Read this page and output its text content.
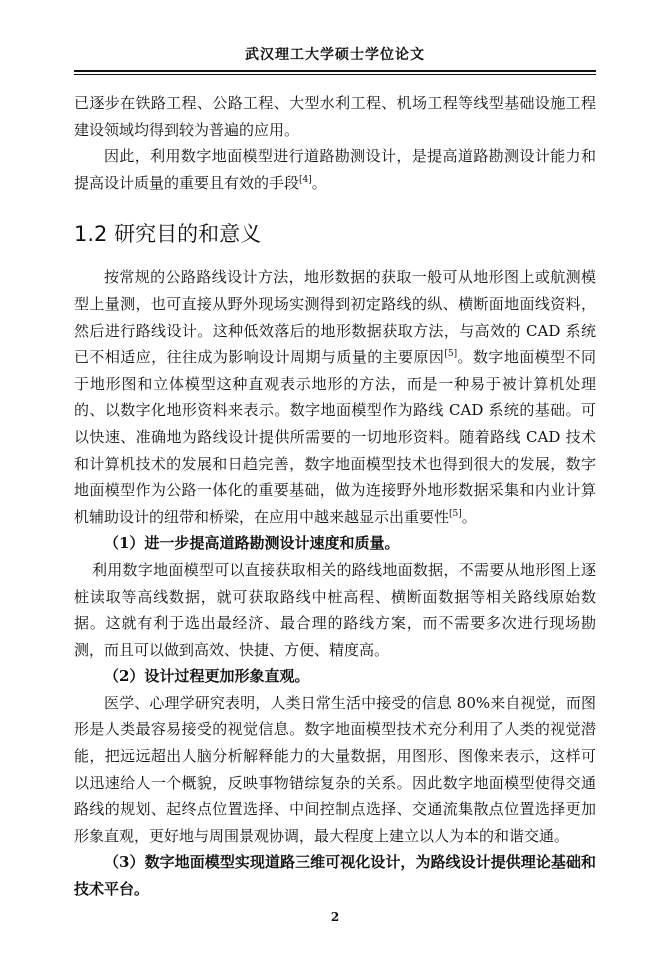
武汉理工大学硕士学位论文

已逐步在铁路工程、公路工程、大型水利工程、机场工程等线型基础设施工程建设领域均得到较为普遍的应用。

因此，利用数字地面模型进行道路勘测设计，是提高道路勘测设计能力和提高设计质量的重要且有效的手段[4]。

1.2 研究目的和意义

按常规的公路路线设计方法，地形数据的获取一般可从地形图上或航测模型上量测，也可直接从野外现场实测得到初定路线的纵、横断面地面线资料，然后进行路线设计。这种低效落后的地形数据获取方法，与高效的 CAD 系统已不相适应，往往成为影响设计周期与质量的主要原因[5]。数字地面模型不同于地形图和立体模型这种直观表示地形的方法，而是一种易于被计算机处理的、以数字化地形资料来表示。数字地面模型作为路线 CAD 系统的基础。可以快速、准确地为路线设计提供所需要的一切地形资料。随着路线 CAD 技术和计算机技术的发展和日趋完善，数字地面模型技术也得到很大的发展，数字地面模型作为公路一体化的重要基础，做为连接野外地形数据采集和内业计算机辅助设计的纽带和桥梁，在应用中越来越显示出重要性[5]。

（1）进一步提高道路勘测设计速度和质量。

利用数字地面模型可以直接获取相关的路线地面数据，不需要从地形图上逐桩读取等高线数据，就可获取路线中桩高程、横断面数据等相关路线原始数据。这就有利于选出最经济、最合理的路线方案，而不需要多次进行现场勘测，而且可以做到高效、快捷、方便、精度高。

（2）设计过程更加形象直观。

医学、心理学研究表明，人类日常生活中接受的信息 80%来自视觉，而图形是人类最容易接受的视觉信息。数字地面模型技术充分利用了人类的视觉潜能，把远远超出人脑分析解释能力的大量数据，用图形、图像来表示，这样可以迅速给人一个概貌，反映事物错综复杂的关系。因此数字地面模型使得交通路线的规划、起终点位置选择、中间控制点选择、交通流集散点位置选择更加形象直观，更好地与周围景观协调，最大程度上建立以人为本的和谐交通。

（3）数字地面模型实现道路三维可视化设计，为路线设计提供理论基础和技术平台。

2
